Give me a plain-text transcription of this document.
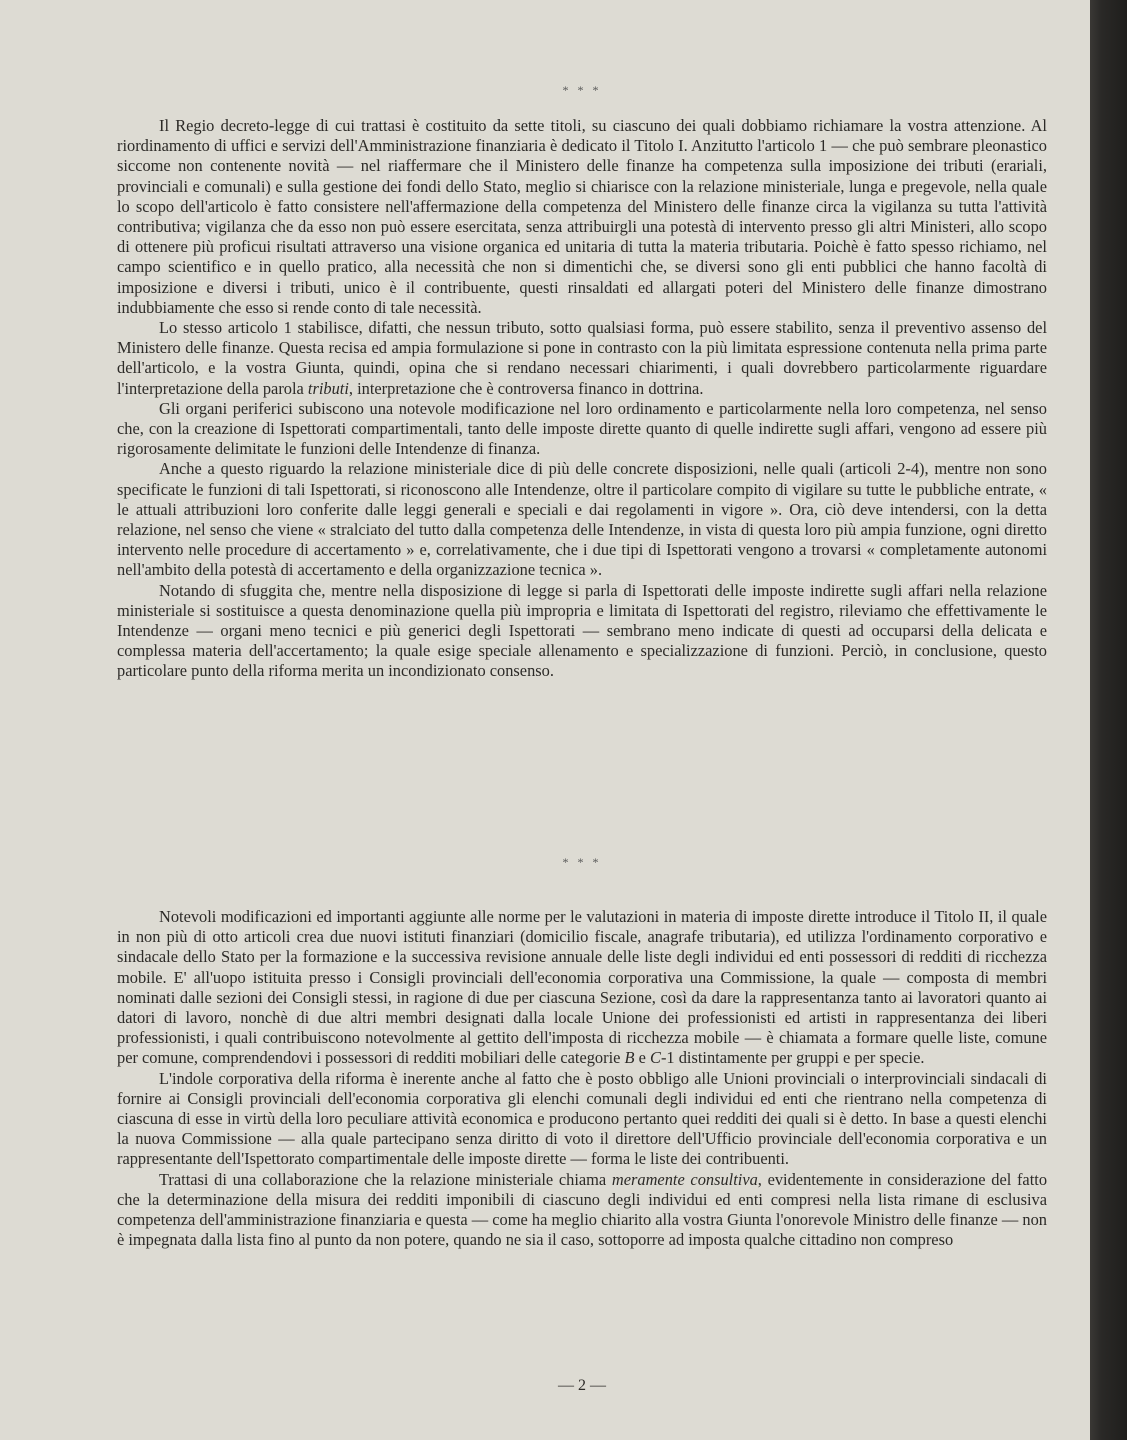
* * *

Il Regio decreto-legge di cui trattasi è costituito da sette titoli, su ciascuno dei quali dobbiamo richiamare la vostra attenzione. Al riordinamento di uffici e servizi dell'Amministrazione finanziaria è dedicato il Titolo I. Anzitutto l'articolo 1 — che può sembrare pleonastico siccome non contenente novità — nel riaffermare che il Ministero delle finanze ha competenza sulla imposizione dei tributi (erariali, provinciali e comunali) e sulla gestione dei fondi dello Stato, meglio si chiarisce con la relazione ministeriale, lunga e pregevole, nella quale lo scopo dell'articolo è fatto consistere nell'affermazione della competenza del Ministero delle finanze circa la vigilanza su tutta l'attività contributiva; vigilanza che da esso non può essere esercitata, senza attribuirgli una potestà di intervento presso gli altri Ministeri, allo scopo di ottenere più proficui risultati attraverso una visione organica ed unitaria di tutta la materia tributaria. Poichè è fatto spesso richiamo, nel campo scientifico e in quello pratico, alla necessità che non si dimentichi che, se diversi sono gli enti pubblici che hanno facoltà di imposizione e diversi i tributi, unico è il contribuente, questi rinsaldati ed allargati poteri del Ministero delle finanze dimostrano indubbiamente che esso si rende conto di tale necessità.

Lo stesso articolo 1 stabilisce, difatti, che nessun tributo, sotto qualsiasi forma, può essere stabilito, senza il preventivo assenso del Ministero delle finanze. Questa recisa ed ampia formulazione si pone in contrasto con la più limitata espressione contenuta nella prima parte dell'articolo, e la vostra Giunta, quindi, opina che si rendano necessari chiarimenti, i quali dovrebbero particolarmente riguardare l'interpretazione della parola tributi, interpretazione che è controversa financo in dottrina.

Gli organi periferici subiscono una notevole modificazione nel loro ordinamento e particolarmente nella loro competenza, nel senso che, con la creazione di Ispettorati compartimentali, tanto delle imposte dirette quanto di quelle indirette sugli affari, vengono ad essere più rigorosamente delimitate le funzioni delle Intendenze di finanza.

Anche a questo riguardo la relazione ministeriale dice di più delle concrete disposizioni, nelle quali (articoli 2-4), mentre non sono specificate le funzioni di tali Ispettorati, si riconoscono alle Intendenze, oltre il particolare compito di vigilare su tutte le pubbliche entrate, « le attuali attribuzioni loro conferite dalle leggi generali e speciali e dai regolamenti in vigore ». Ora, ciò deve intendersi, con la detta relazione, nel senso che viene « stralciato del tutto dalla competenza delle Intendenze, in vista di questa loro più ampia funzione, ogni diretto intervento nelle procedure di accertamento » e, correlativamente, che i due tipi di Ispettorati vengono a trovarsi « completamente autonomi nell'ambito della potestà di accertamento e della organizzazione tecnica ».

Notando di sfuggita che, mentre nella disposizione di legge si parla di Ispettorati delle imposte indirette sugli affari nella relazione ministeriale si sostituisce a questa denominazione quella più impropria e limitata di Ispettorati del registro, rileviamo che effettivamente le Intendenze — organi meno tecnici e più generici degli Ispettorati — sembrano meno indicate di questi ad occuparsi della delicata e complessa materia dell'accertamento; la quale esige speciale allenamento e specializzazione di funzioni. Perciò, in conclusione, questo particolare punto della riforma merita un incondizionato consenso.

* * *

Notevoli modificazioni ed importanti aggiunte alle norme per le valutazioni in materia di imposte dirette introduce il Titolo II, il quale in non più di otto articoli crea due nuovi istituti finanziari (domicilio fiscale, anagrafe tributaria), ed utilizza l'ordinamento corporativo e sindacale dello Stato per la formazione e la successiva revisione annuale delle liste degli individui ed enti possessori di redditi di ricchezza mobile. E' all'uopo istituita presso i Consigli provinciali dell'economia corporativa una Commissione, la quale — composta di membri nominati dalle sezioni dei Consigli stessi, in ragione di due per ciascuna Sezione, così da dare la rappresentanza tanto ai lavoratori quanto ai datori di lavoro, nonchè di due altri membri designati dalla locale Unione dei professionisti ed artisti in rappresentanza dei liberi professionisti, i quali contribuiscono notevolmente al gettito dell'imposta di ricchezza mobile — è chiamata a formare quelle liste, comune per comune, comprendendovi i possessori di redditi mobiliari delle categorie B e C-1 distintamente per gruppi e per specie.

L'indole corporativa della riforma è inerente anche al fatto che è posto obbligo alle Unioni provinciali o interprovinciali sindacali di fornire ai Consigli provinciali dell'economia corporativa gli elenchi comunali degli individui ed enti che rientrano nella competenza di ciascuna di esse in virtù della loro peculiare attività economica e producono pertanto quei redditi dei quali si è detto. In base a questi elenchi la nuova Commissione — alla quale partecipano senza diritto di voto il direttore dell'Ufficio provinciale dell'economia corporativa e un rappresentante dell'Ispettorato compartimentale delle imposte dirette — forma le liste dei contribuenti.

Trattasi di una collaborazione che la relazione ministeriale chiama meramente consultiva, evidentemente in considerazione del fatto che la determinazione della misura dei redditi imponibili di ciascuno degli individui ed enti compresi nella lista rimane di esclusiva competenza dell'amministrazione finanziaria e questa — come ha meglio chiarito alla vostra Giunta l'onorevole Ministro delle finanze — non è impegnata dalla lista fino al punto da non potere, quando ne sia il caso, sottoporre ad imposta qualche cittadino non compreso

— 2 —
